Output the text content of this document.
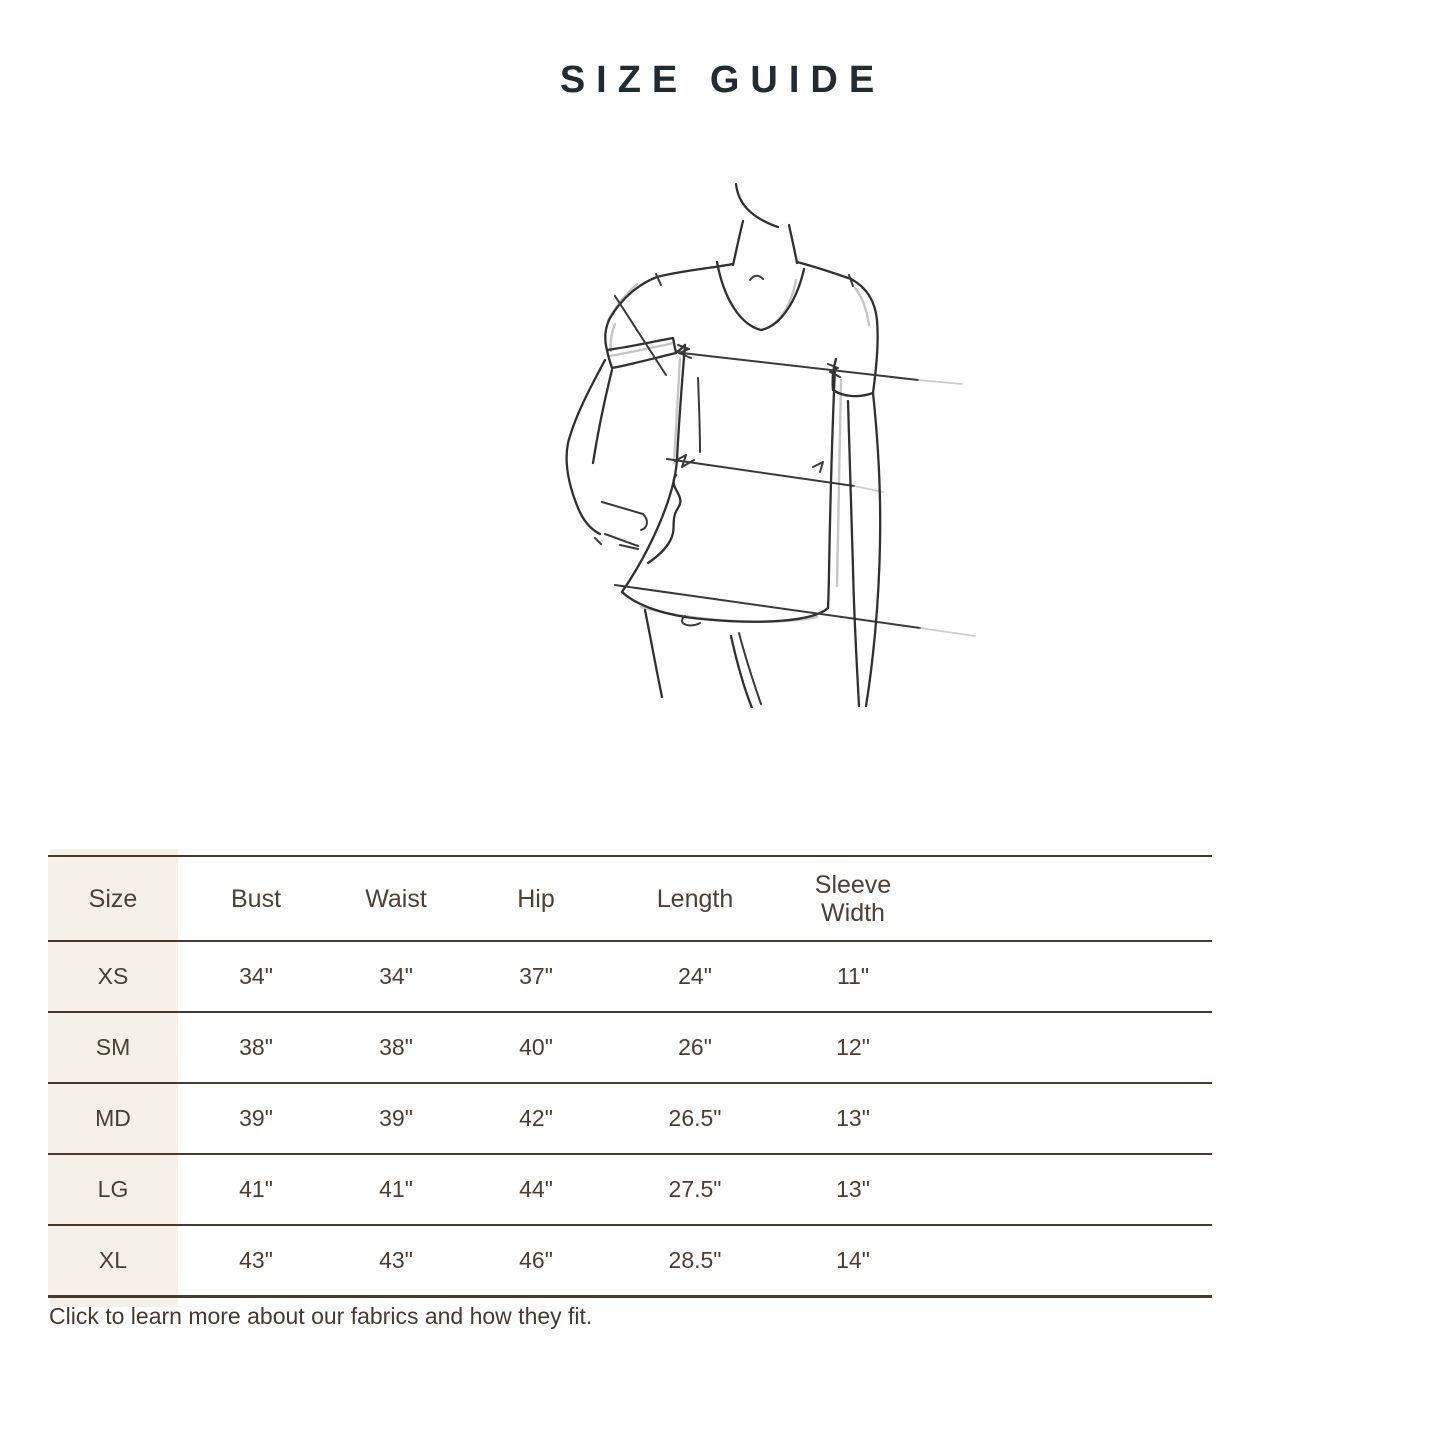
SIZE GUIDE
Size	Bust	Waist	Hip	Length	Sleeve Width	
XS	34"	34"	37"	24"	11"	
SM	38"	38"	40"	26"	12"	
MD	39"	39"	42"	26.5"	13"	
LG	41"	41"	44"	27.5"	13"	
XL	43"	43"	46"	28.5"	14"	
Click to learn more about our fabrics and how they fit.
